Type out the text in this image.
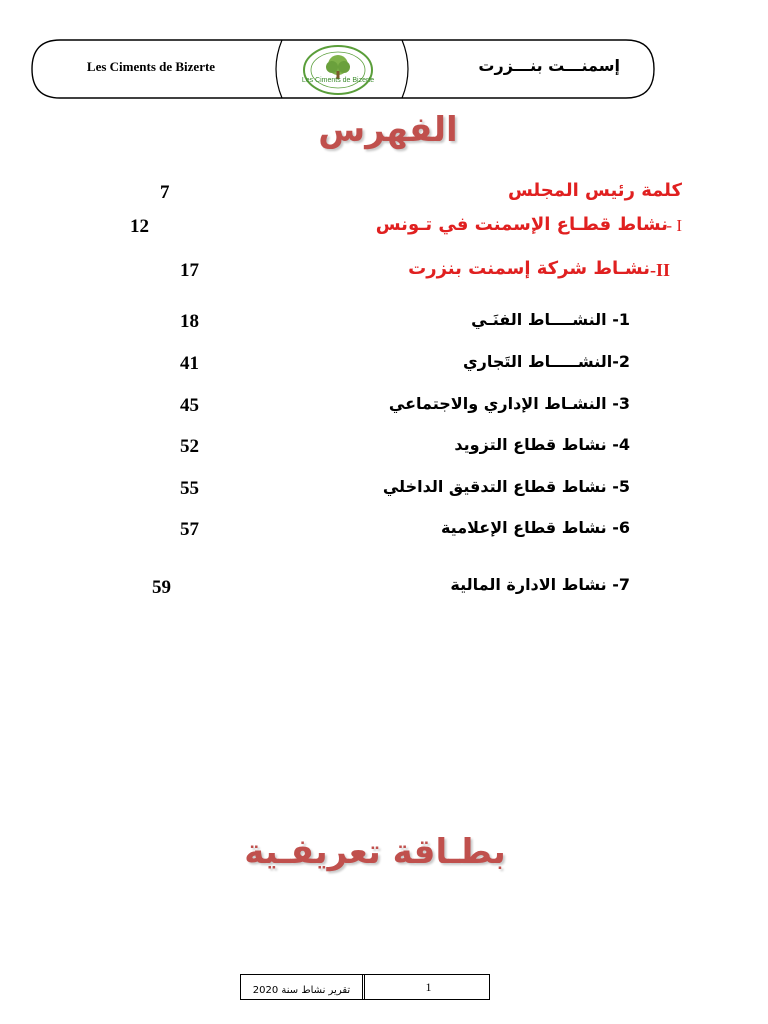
Les Ciments de Bizerte	إسمنـــت بنـــزرت
Les Ciments de Bizerte
الفهرس
كلمة رئيس المجلس
7
نشاط قطـاع الإسمنت في تـونس
I -
12
نشـاط شركة إسمنت بنزرت II-
17
1- النشــــاط الفنَـي
18
2-النشـــــاط التَجاري
41
3- النشـاط الإداري والاجتماعي
45
4- نشاط قطاع التزويد
52
5- نشاط قطاع التدقيق الداخلي
55
6- نشاط قطاع الإعلامية
57
7- نشاط الادارة المالية
59
بطـاقة تعريفـية
تقرير نشاط سنة 2020	1
